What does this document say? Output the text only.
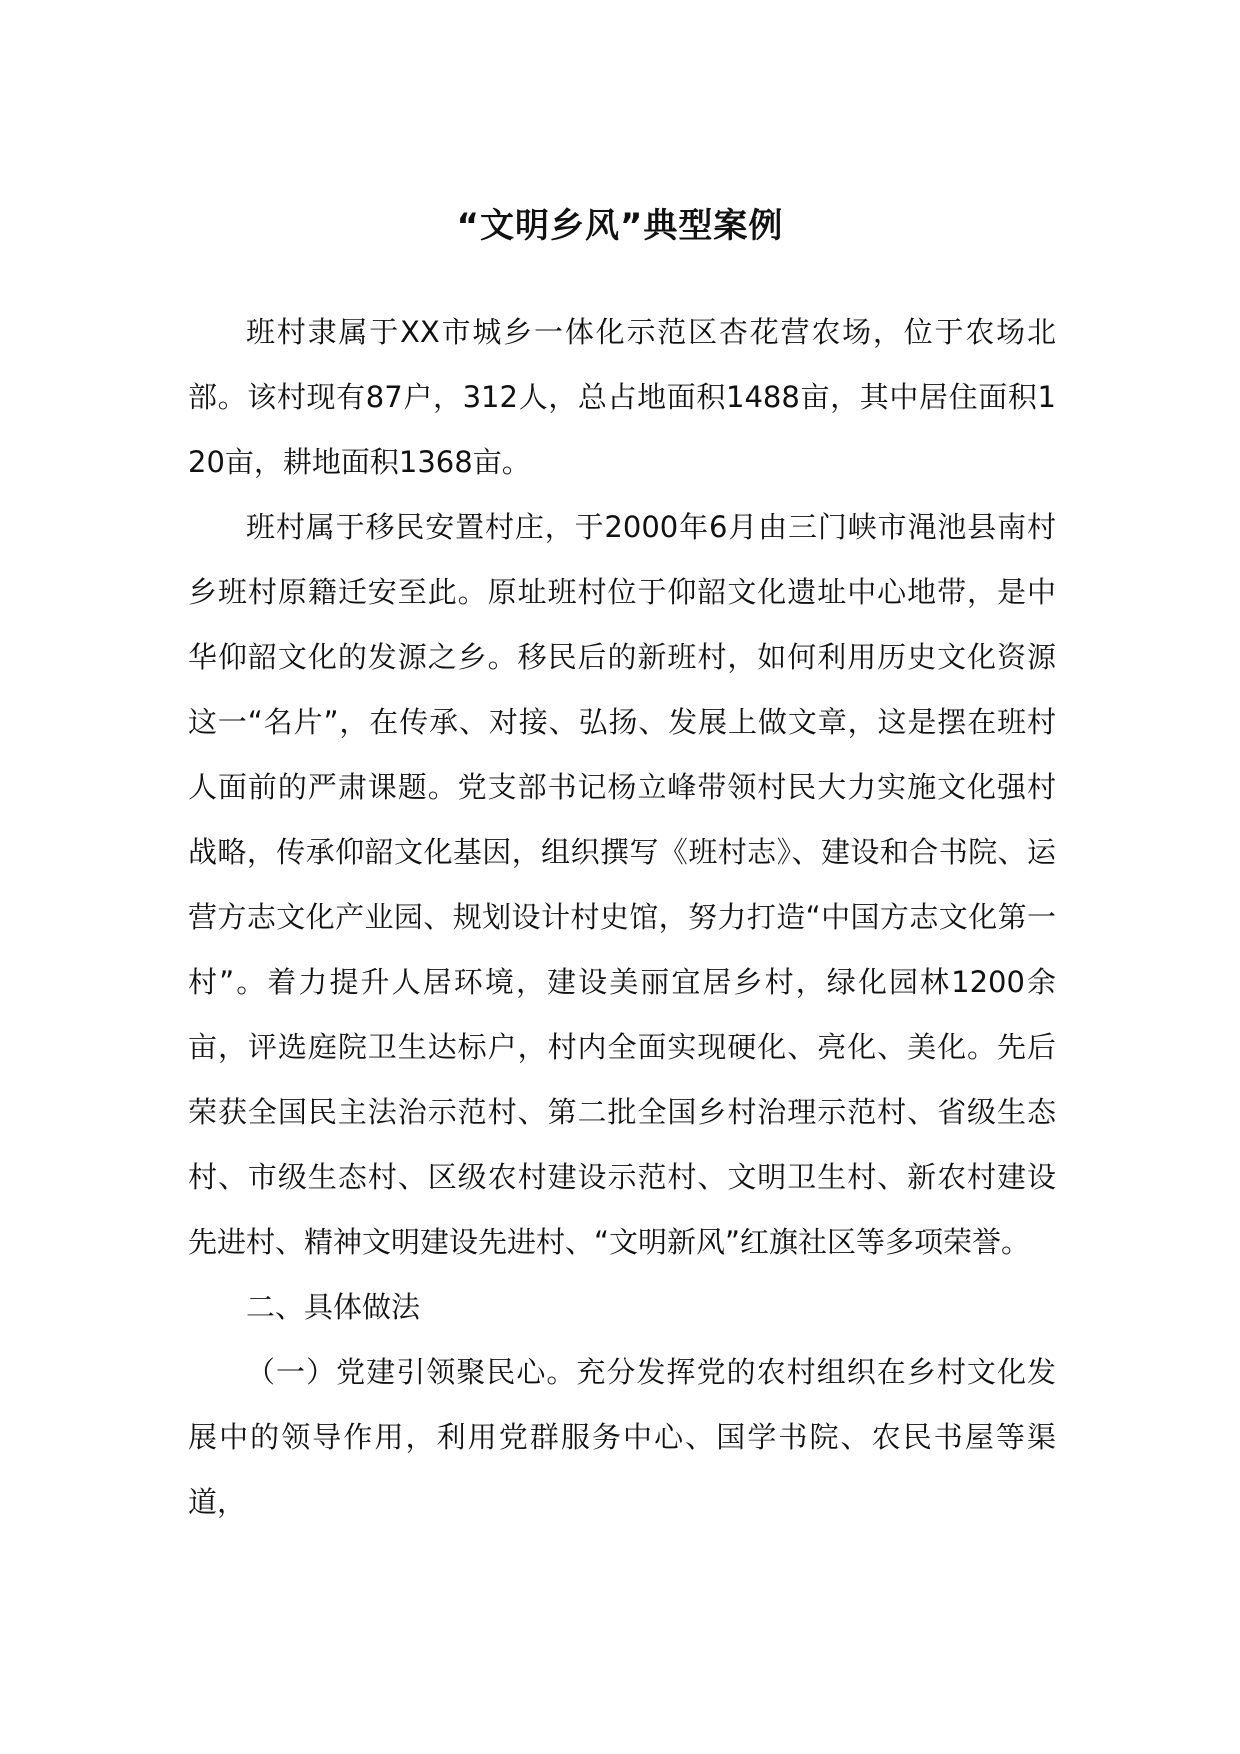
“文明乡风”典型案例

班村隶属于XX市城乡一体化示范区杏花营农场，位于农场北部。该村现有87户，312人，总占地面积1488亩，其中居住面积120亩，耕地面积1368亩。

班村属于移民安置村庄，于2000年6月由三门峡市渑池县南村乡班村原籍迁安至此。原址班村位于仰韶文化遗址中心地带，是中华仰韶文化的发源之乡。移民后的新班村，如何利用历史文化资源这一“名片”，在传承、对接、弘扬、发展上做文章，这是摆在班村人面前的严肃课题。党支部书记杨立峰带领村民大力实施文化强村战略，传承仰韶文化基因，组织撰写《班村志》、建设和合书院、运营方志文化产业园、规划设计村史馆，努力打造“中国方志文化第一村”。着力提升人居环境，建设美丽宜居乡村，绿化园林1200余亩，评选庭院卫生达标户，村内全面实现硬化、亮化、美化。先后荣获全国民主法治示范村、第二批全国乡村治理示范村、省级生态村、市级生态村、区级农村建设示范村、文明卫生村、新农村建设先进村、精神文明建设先进村、“文明新风”红旗社区等多项荣誉。

二、具体做法

（一）党建引领聚民心。充分发挥党的农村组织在乡村文化发展中的领导作用，利用党群服务中心、国学书院、农民书屋等渠道，
